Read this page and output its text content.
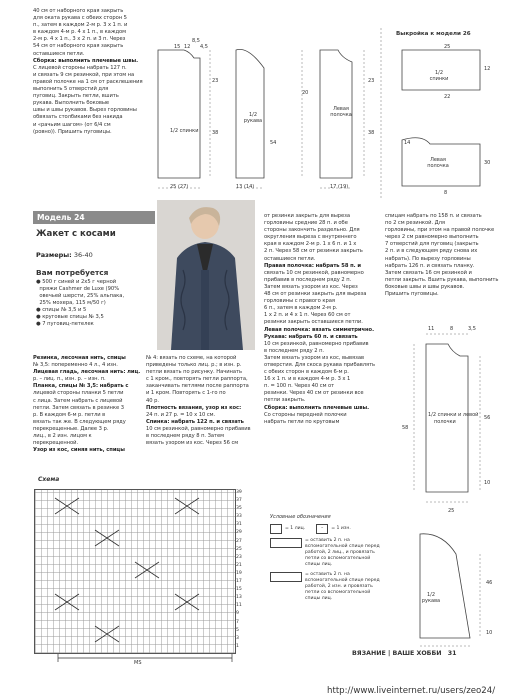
40 см от наборного края закрыть
для оката рукава с обеих сторон 5
п., затем в каждом 2-м р. 3 х 1 п. и
в каждом 4-м р. 4 х 1 п., в каждом
2-м р. 4 х 1 п., 3 х 2 п. и 3 п. Через
54 см от наборного края закрыть
оставшиеся петли.
Сборка: выполнить плечевые швы.
С лицевой стороны набрать 127 п.
и связать 9 см резинкой, при этом на
правой полочке на 1 см от расклешения
выполнить 5 отверстий для
пуговиц. Закрыть петли, вшить
рукава. Выполнить боковые
швы и швы рукавов. Вырез горловины
обвязать столбиками без накида
и «рачьим шагом» (от 6/4 см
(ровно)). Пришить пуговицы.
8,5
15 12 4,5
1/2 спинки
23
38
25 (27)
1/2 рукава
54
20
13 (14)
Левая полочка
23
38
17 (19)
Выкройка к модели 26
1/2 спинки
Левая полочка
25
12
22
14
30
8
Модель 24
Жакет с косами
Размеры: 36-40
Вам потребуется
● 500 г синей и 2х5 г черной
пряжи Cashmer de Luxe (90%
овечьей шерсти, 25% альпака,
25% мохера, 115 м/50 г)
● спицы № 3,5 и 5
● круговые спицы № 3,5
● 7 пуговиц-петелек
Резинка, лесочная нить, спицы
№ 3,5: попеременно 4 л., 4 изн.
Лицевая гладь, лесочная нить: лиц.
р. – лиц. п., изн. р. – изн. п.
Планка, спицы № 3,5: набрать с
лицевой стороны планки 5 петли
с лица. Затем набрать с лицевой
петли. Затем связать в резинке 3
р. В каждом 6-м р. петли в
вязать так же. В следующем ряду
перекрещенные. Далее 3 р.
лиц., в 2 изн. лицом к
перекрещенной.
Узор из кос, синяя нить, спицы
№ 4: вязать по схеме, на которой
приведены только лиц. р.; в изн. р.
петли вязать по рисунку. Начинать
с 1 кром., повторять петли раппорта,
заканчивать петлями после раппорта
и 1 кром. Повторять с 1-го по
40 р.
Плотность вязания, узор из кос:
24 п. и 27 р. = 10 х 10 см.
Спинка: набрать 122 п. и связать
10 см резинкой, равномерно прибавив
в последнем ряду 8 п. Затем
вязать узором из кос. Через 56 см
от резинки закрыть для выреза
горловины средние 28 п. и обе
стороны закончить раздельно. Для
округления выреза с внутреннего
края в каждом 2-м р. 1 х 6 п. и 1 х
2 п. Через 58 см от резинки закрыть
оставшиеся петли.
Правая полочка: набрать 58 п. и
связать 10 см резинкой, равномерно
прибавив в последнем ряду 2 п.
Затем вязать узором из кос. Через
48 см от резинки закрыть для выреза
горловины с правого края
6 п., затем в каждом 2-м р.
1 х 2 п. и 4 х 1 п. Через 60 см от
резинки закрыть оставшиеся петли.
Левая полочка: вязать симметрично.
Рукава: набрать 60 п. и связать
10 см резинкой, равномерно прибавив
в последнем ряду 2 п.
Затем вязать узором из кос, вывязав
отверстия. Для скоса рукава прибавлять
с обеих сторон в каждом 6-м р.
16 х 1 п. и в каждом 4-м р. 3 х 1
п. = 100 п. Через 40 см от
резинки. Через 40 см от резинки все
петли закрыть.
Сборка: выполнить плечевые швы.
Со стороны передней полочки
набрать петли по круговым
спицам набрать по 158 п. и связать
по 2 см резинкой. Для
горловины, при этом на правой полочке
через 2 см равномерно выполнить
7 отверстий для пуговиц (закрыть
2 п. и в следующем ряду снова их
набрать). По вырезу горловины
набрать 126 п. и связать планку.
Затем связать 16 см резинкой и
петли закрыть. Вшить рукава, выполнить
боковые швы и швы рукавов.
Пришить пуговицы.
1/2 спинки и левой
полочки
58
56
10
25
11	8	3,5
Схема
39
37
35
33
31
29
27
25
23
21
19
17
15
13
11
9
7
5
3
1
MS
Условные обозначения
= 1 лиц.	–	= 1 изн.
= оставить 2 п. на вспомогательной спице перед работой, 2 лиц., и провязать петли со вспомогательной спицы лиц.
= оставить 2 п. на вспомогательной спице перед работой, 2 изн. и провязать петли со вспомогательной спицы лиц.
1/2 рукава
46
10
ВЯЗАНИЕ | ВАШЕ ХОББИ 31
http://www.liveinternet.ru/users/zeo24/
